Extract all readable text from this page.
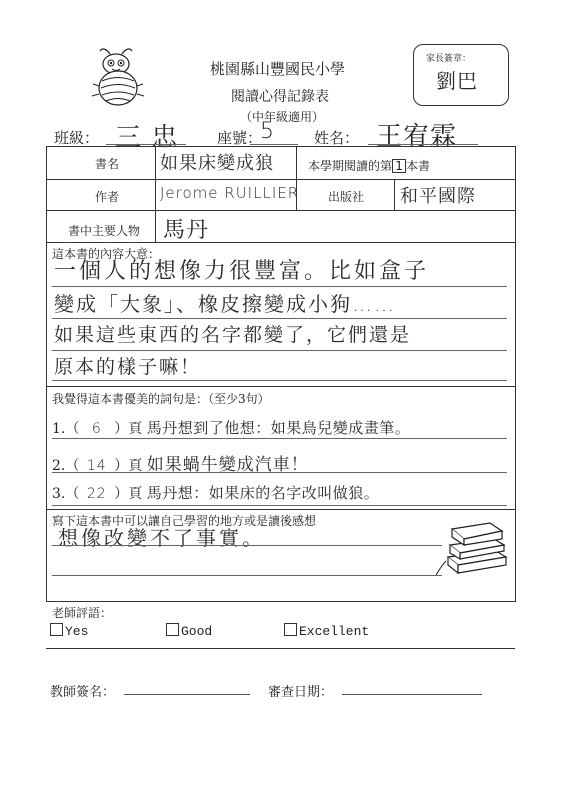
桃園縣山豐國民小學
閱讀心得記錄表
（中年級適用）
家長簽章：
劉巴
班級： 三 忠	座號：
5	姓名： 王宥霖
書名 如果床變成狼	本學期閱讀的第 1 本書
作者	Jerome RUILLIER 出版社 和平國際
書中主要人物 馬丹
這本書的內容大意：
一個人的想像力很豐富。比如盒子
變成「大象」、橡皮擦變成小狗……
如果這些東西的名字都變了，它們還是
原本的樣子嘛！
我覺得這本書優美的詞句是：（至少3句）
1.（ 6 ）頁 馬丹想到了他想：如果鳥兒變成畫筆。
2.（ 14 ）頁 如果蝸牛變成汽車！
3.（ 22 ）頁 馬丹想：如果床的名字改叫做狼。
寫下這本書中可以讓自己學習的地方或是讀後感想
想像改變不了事實。
老師評語：
Yes	Good	Excellent
教師簽名：	審查日期：
